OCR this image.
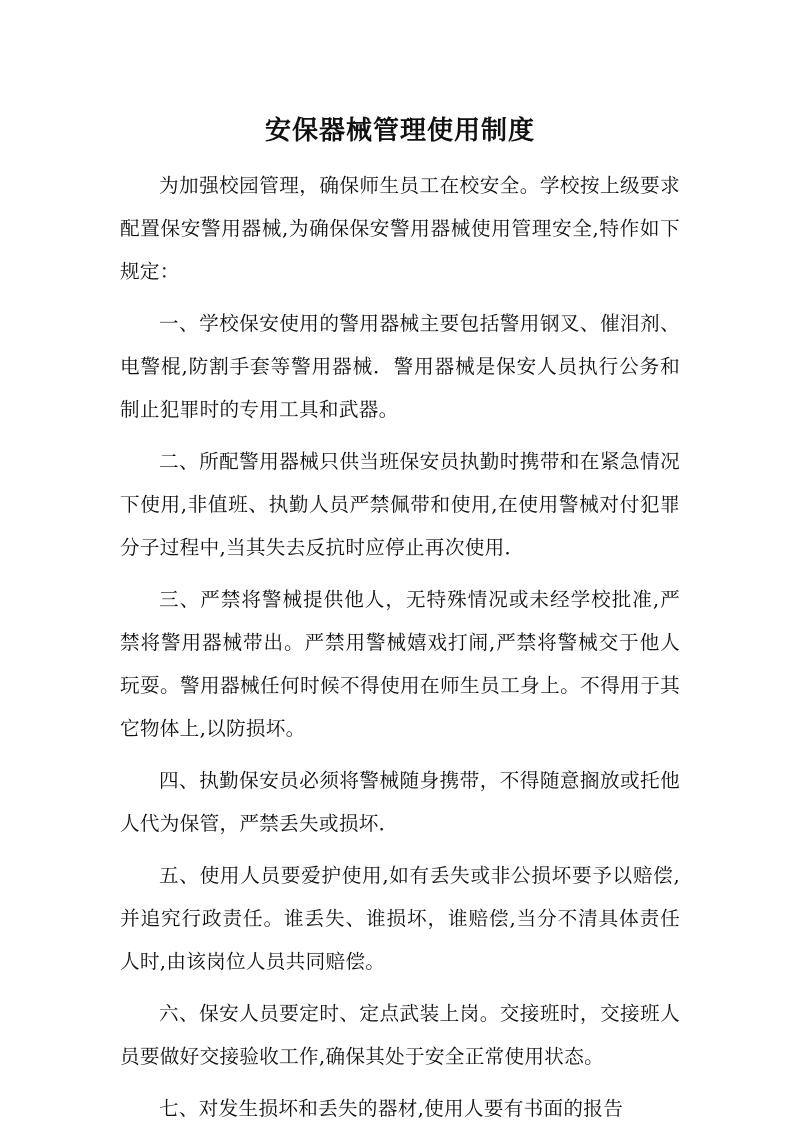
安保器械管理使用制度

为加强校园管理，确保师生员工在校安全。学校按上级要求配置保安警用器械,为确保保安警用器械使用管理安全,特作如下规定：

一、学校保安使用的警用器械主要包括警用钢叉、催泪剂、电警棍,防割手套等警用器械．警用器械是保安人员执行公务和制止犯罪时的专用工具和武器。

二、所配警用器械只供当班保安员执勤时携带和在紧急情况下使用,非值班、执勤人员严禁佩带和使用,在使用警械对付犯罪分子过程中,当其失去反抗时应停止再次使用．

三、严禁将警械提供他人，无特殊情况或未经学校批准,严禁将警用器械带出。严禁用警械嬉戏打闹,严禁将警械交于他人玩耍。警用器械任何时候不得使用在师生员工身上。不得用于其它物体上,以防损坏。

四、执勤保安员必须将警械随身携带，不得随意搁放或托他人代为保管，严禁丢失或损坏．

五、使用人员要爱护使用,如有丢失或非公损坏要予以赔偿,并追究行政责任。谁丢失、谁损坏，谁赔偿,当分不清具体责任人时,由该岗位人员共同赔偿。

六、保安人员要定时、定点武装上岗。交接班时，交接班人员要做好交接验收工作,确保其处于安全正常使用状态。

七、对发生损坏和丢失的器材,使用人要有书面的报告
